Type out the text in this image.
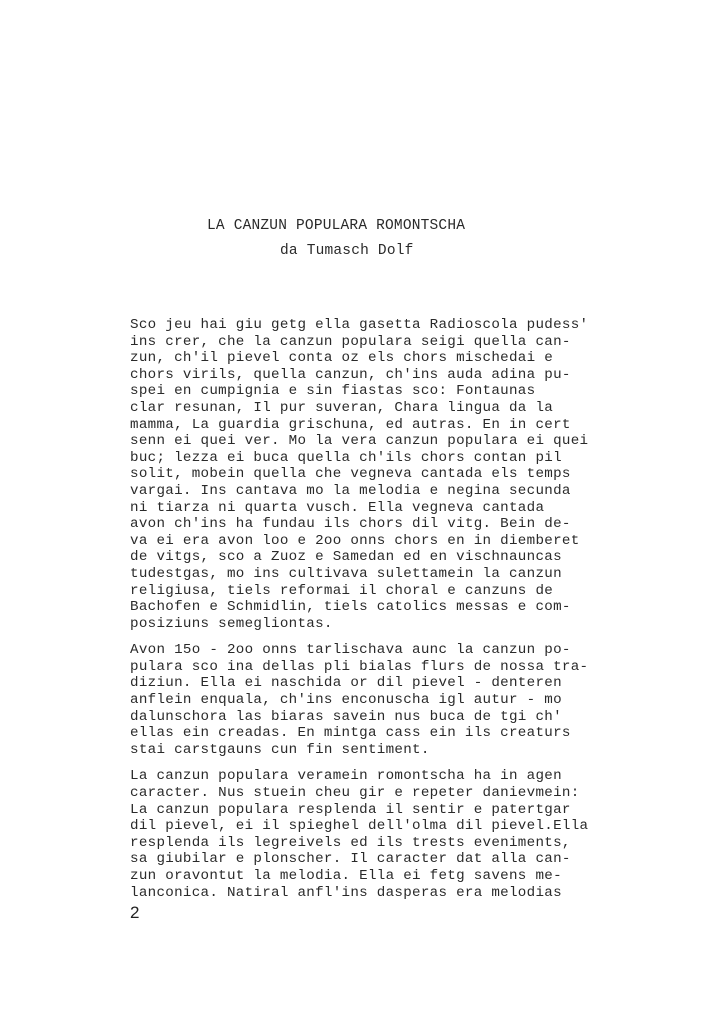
LA CANZUN POPULARA ROMONTSCHA
da Tumasch Dolf
Sco jeu hai giu getg ella gasetta Radioscola pudess'
ins crer, che la canzun populara seigi quella can-
zun, ch'il pievel conta oz els chors mischedai e
chors virils, quella canzun, ch'ins auda adina pu-
spei en cumpignia e sin fiastas sco: Fontaunas
clar resunan, Il pur suveran, Chara lingua da la
mamma, La guardia grischuna, ed autras. En in cert
senn ei quei ver. Mo la vera canzun populara ei quei
buc; lezza ei buca quella ch'ils chors contan pil
solit, mobein quella che vegneva cantada els temps
vargai. Ins cantava mo la melodia e negina secunda
ni tiarza ni quarta vusch. Ella vegneva cantada
avon ch'ins ha fundau ils chors dil vitg. Bein de-
va ei era avon loo e 2oo onns chors en in diemberet
de vitgs, sco a Zuoz e Samedan ed en vischnauncas
tudestgas, mo ins cultivava sulettamein la canzun
religiusa, tiels reformai il choral e canzuns de
Bachofen e Schmidlin, tiels catolics messas e com-
posiziuns semegliontas.
Avon 15o - 2oo onns tarlischava aunc la canzun po-
pulara sco ina dellas pli bialas flurs de nossa tra-
diziun. Ella ei naschida or dil pievel - denteren
anflein enquala, ch'ins enconuscha igl autur - mo
dalunschora las biaras savein nus buca de tgi ch'
ellas ein creadas. En mintga cass ein ils creaturs
stai carstgauns cun fin sentiment.
La canzun populara veramein romontscha ha in agen
caracter. Nus stuein cheu gir e repeter danievmein:
La canzun populara resplenda il sentir e patertgar
dil pievel, ei il spieghel dell'olma dil pievel.Ella
resplenda ils legreivels ed ils trests eveniments,
sa giubilar e plonscher. Il caracter dat alla can-
zun oravontut la melodia. Ella ei fetg savens me-
lanconica. Natiral anfl'ins dasperas era melodias
2
